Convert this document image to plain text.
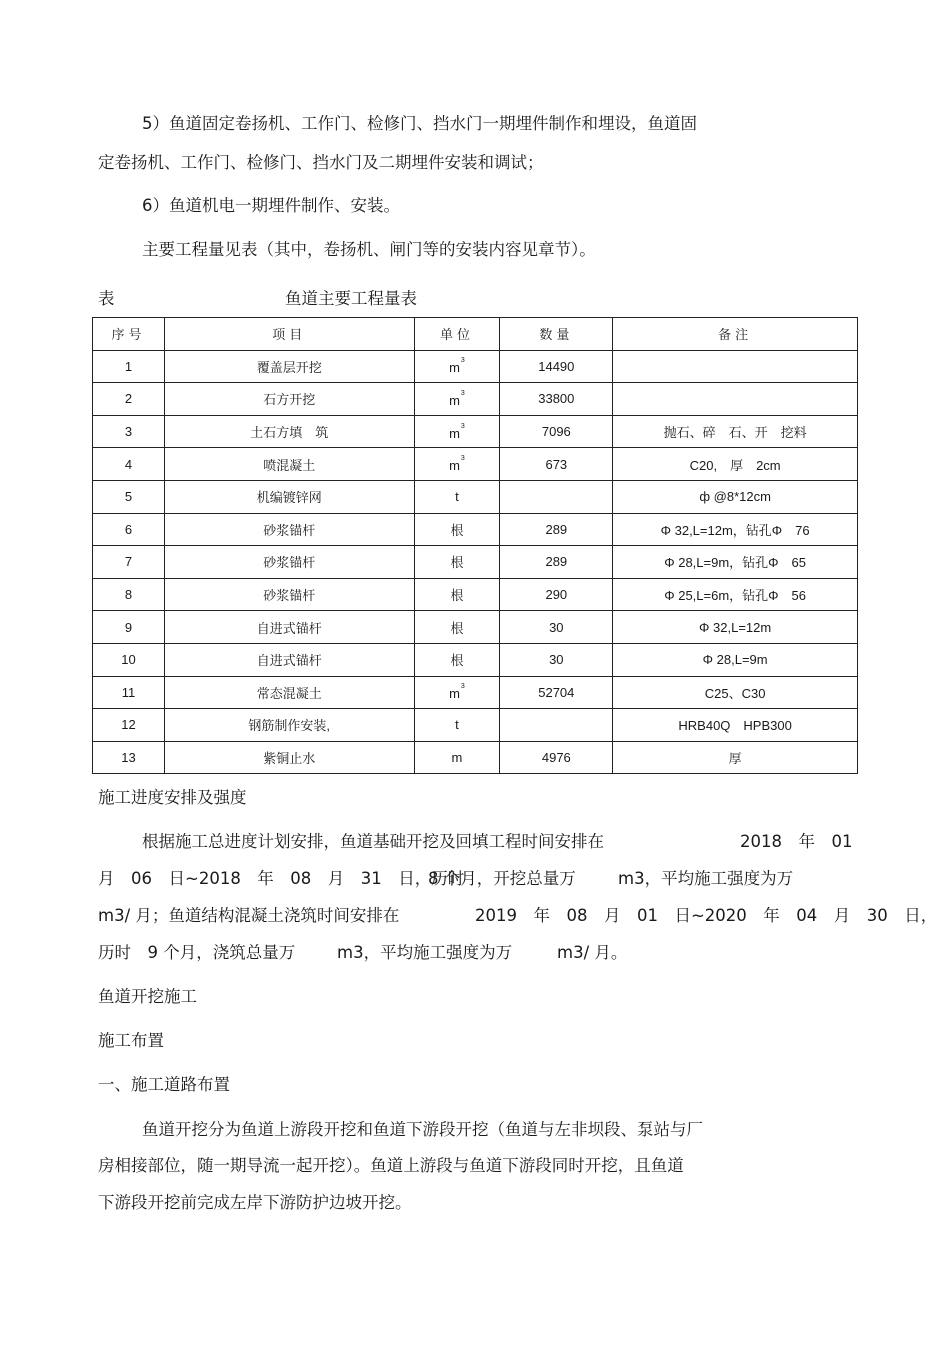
5）鱼道固定卷扬机、工作门、检修门、挡水门一期埋件制作和埋设，鱼道固
定卷扬机、工作门、检修门、挡水门及二期埋件安装和调试；
6）鱼道机电一期埋件制作、安装。
主要工程量见表（其中，卷扬机、闸门等的安装内容见章节）。
表	鱼道主要工程量表
序号	项目	单位	数量	备注
1	覆盖层开挖	$m^3$	14490	
2	石方开挖	$m^3$	33800	
3	土石方填　筑	$m^3$	7096	抛石、碎　石、开　挖料
4	喷混凝土	$m^3$	673	C20,　厚　2cm
5	机编镀锌网	t		ф @8*12cm
6	砂浆锚杆	根	289	Φ 32,L=12m，钻孔Φ　76
7	砂浆锚杆	根	289	Φ 28,L=9m，钻孔Φ　65
8	砂浆锚杆	根	290	Φ 25,L=6m，钻孔Φ　56
9	自进式锚杆	根	30	Φ 32,L=12m
10	自进式锚杆	根	30	Φ 28,L=9m
11	常态混凝土	$m^3$	52704	C25、C30
12	钢筋制作安装,	t		HRB40Q　HPB300
13	紫铜止水	m	4976	厚
施工进度安排及强度
根据施工总进度计划安排，鱼道基础开挖及回填工程时间安排在	2018　年　01
月　06　日~2018　年　08　月　31　日，历时
8 个月，开挖总量万	m3，平均施工强度为万
m3/ 月；鱼道结构混凝土浇筑时间安排在	2019　年　08　月　01　日~2020　年　04　月　30　日，
历时　9 个月，浇筑总量万	m3，平均施工强度为万	m3/ 月。
鱼道开挖施工
施工布置
一、施工道路布置
鱼道开挖分为鱼道上游段开挖和鱼道下游段开挖（鱼道与左非坝段、泵站与厂
房相接部位，随一期导流一起开挖）。鱼道上游段与鱼道下游段同时开挖，且鱼道
下游段开挖前完成左岸下游防护边坡开挖。
